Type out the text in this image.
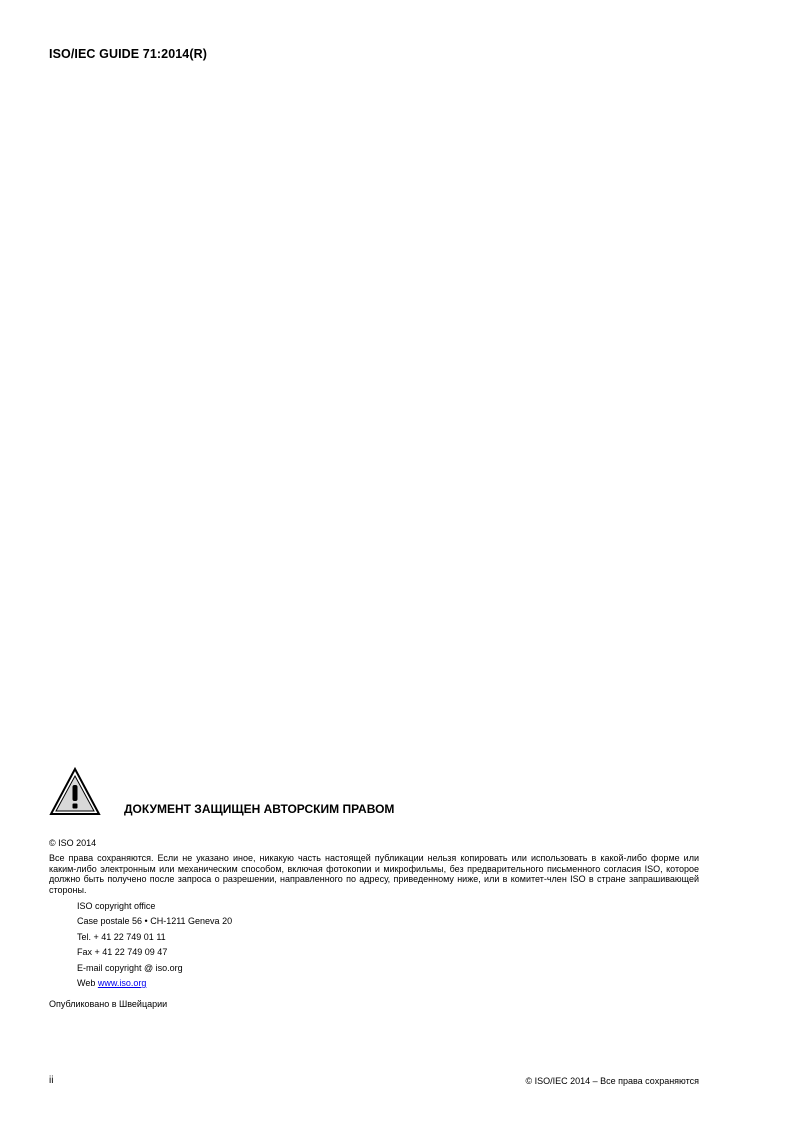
ISO/IEC GUIDE 71:2014(R)
ДОКУМЕНТ ЗАЩИЩЕН АВТОРСКИМ ПРАВОМ
© ISO 2014
Все права сохраняются. Если не указано иное, никакую часть настоящей публикации нельзя копировать или использовать в какой-либо форме или каким-либо электронным или механическим способом, включая фотокопии и микрофильмы, без предварительного письменного согласия ISO, которое должно быть получено после запроса о разрешении, направленного по адресу, приведенному ниже, или в комитет-член ISO в стране запрашивающей стороны.
ISO copyright office
Case postale 56 • CH-1211 Geneva 20
Tel. + 41 22 749 01 11
Fax + 41 22 749 09 47
E-mail copyright @ iso.org
Web www.iso.org
Опубликовано в Швейцарии
ii	© ISO/IEC 2014 – Все права сохраняются
